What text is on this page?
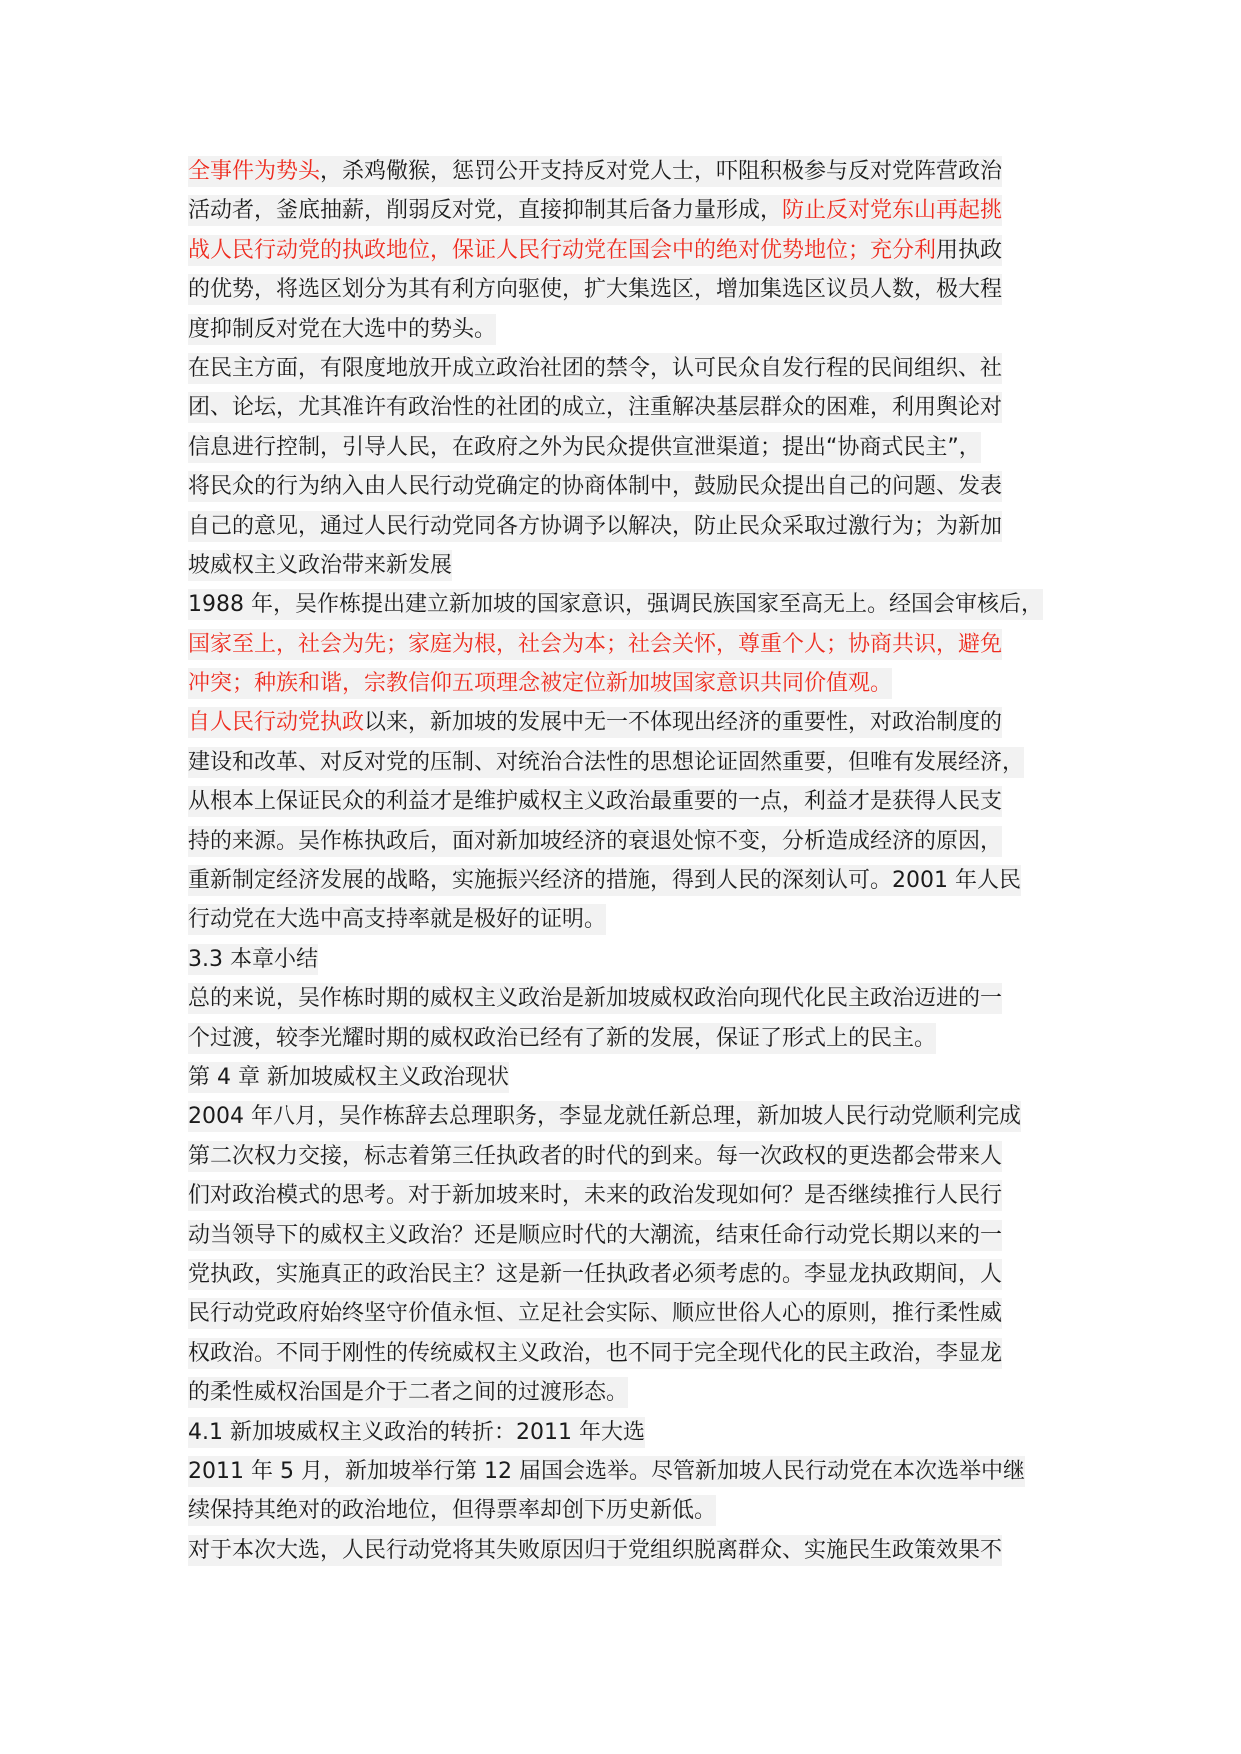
全事件为势头，杀鸡儆猴，惩罚公开支持反对党人士，吓阻积极参与反对党阵营政治
活动者，釜底抽薪，削弱反对党，直接抑制其后备力量形成，防止反对党东山再起挑
战人民行动党的执政地位，保证人民行动党在国会中的绝对优势地位；充分利用执政
的优势，将选区划分为其有利方向驱使，扩大集选区，增加集选区议员人数，极大程
度抑制反对党在大选中的势头。
在民主方面，有限度地放开成立政治社团的禁令，认可民众自发行程的民间组织、社
团、论坛，尤其准许有政治性的社团的成立，注重解决基层群众的困难，利用舆论对
信息进行控制，引导人民，在政府之外为民众提供宣泄渠道；提出“协商式民主”，
将民众的行为纳入由人民行动党确定的协商体制中，鼓励民众提出自己的问题、发表
自己的意见，通过人民行动党同各方协调予以解决，防止民众采取过激行为；为新加
坡威权主义政治带来新发展
1988 年，吴作栋提出建立新加坡的国家意识，强调民族国家至高无上。经国会审核后，
国家至上，社会为先；家庭为根，社会为本；社会关怀，尊重个人；协商共识，避免
冲突；种族和谐，宗教信仰五项理念被定位新加坡国家意识共同价值观。
自人民行动党执政以来，新加坡的发展中无一不体现出经济的重要性，对政治制度的
建设和改革、对反对党的压制、对统治合法性的思想论证固然重要，但唯有发展经济，
从根本上保证民众的利益才是维护威权主义政治最重要的一点，利益才是获得人民支
持的来源。吴作栋执政后，面对新加坡经济的衰退处惊不变，分析造成经济的原因，
重新制定经济发展的战略，实施振兴经济的措施，得到人民的深刻认可。2001 年人民
行动党在大选中高支持率就是极好的证明。
3.3 本章小结
总的来说，吴作栋时期的威权主义政治是新加坡威权政治向现代化民主政治迈进的一
个过渡，较李光耀时期的威权政治已经有了新的发展，保证了形式上的民主。
第 4 章 新加坡威权主义政治现状
2004 年八月，吴作栋辞去总理职务，李显龙就任新总理，新加坡人民行动党顺利完成
第二次权力交接，标志着第三任执政者的时代的到来。每一次政权的更迭都会带来人
们对政治模式的思考。对于新加坡来时，未来的政治发现如何？是否继续推行人民行
动当领导下的威权主义政治？还是顺应时代的大潮流，结束任命行动党长期以来的一
党执政，实施真正的政治民主？这是新一任执政者必须考虑的。李显龙执政期间，人
民行动党政府始终坚守价值永恒、立足社会实际、顺应世俗人心的原则，推行柔性威
权政治。不同于刚性的传统威权主义政治，也不同于完全现代化的民主政治，李显龙
的柔性威权治国是介于二者之间的过渡形态。
4.1 新加坡威权主义政治的转折：2011 年大选
2011 年 5 月，新加坡举行第 12 届国会选举。尽管新加坡人民行动党在本次选举中继
续保持其绝对的政治地位，但得票率却创下历史新低。
对于本次大选，人民行动党将其失败原因归于党组织脱离群众、实施民生政策效果不
